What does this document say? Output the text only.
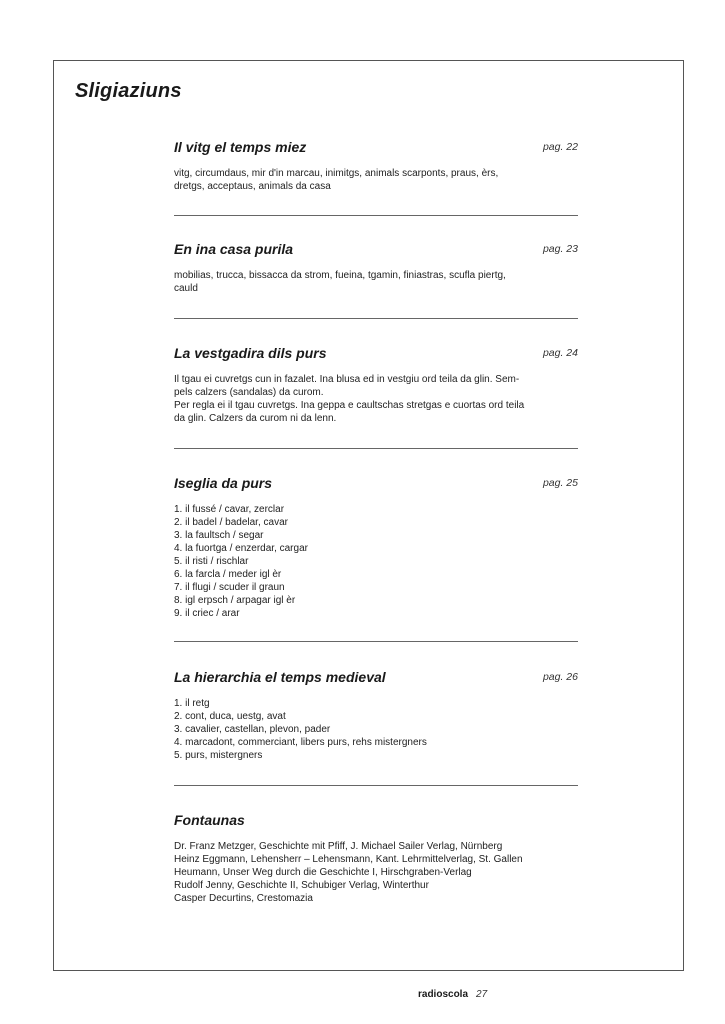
Sligiaziuns
Il vitg el temps miez	pag. 22

vitg, circumdaus, mir d'in marcau, inimitgs, animals scarponts, praus, èrs,

dretgs, acceptaus, animals da casa

En ina casa purila	pag. 23

mobilias, trucca, bissacca da strom, fueina, tgamin, finiastras, scufla piertg,

cauld

La vestgadira dils purs	pag. 24

Il tgau ei cuvretgs cun in fazalet. Ina blusa ed in vestgiu ord teila da glin. Sem-

pels calzers (sandalas) da curom.

Per regla ei il tgau cuvretgs. Ina geppa e caultschas stretgas e cuortas ord teila

da glin. Calzers da curom ni da lenn.

Iseglia da purs	pag. 25
1. il fussé / cavar, zerclar
2. il badel / badelar, cavar
3. la faultsch / segar
4. la fuortga / enzerdar, cargar
5. il risti / rischlar
6. la farcla / meder igl èr
7. il flugi / scuder il graun
8. igl erpsch / arpagar igl èr
9. il criec / arar
La hierarchia el temps medieval	pag. 26
1. il retg
2. cont, duca, uestg, avat
3. cavalier, castellan, plevon, pader
4. marcadont, commerciant, libers purs, rehs mistergners
5. purs, mistergners
Fontaunas

Dr. Franz Metzger, Geschichte mit Pfiff, J. Michael Sailer Verlag, Nürnberg

Heinz Eggmann, Lehensherr – Lehensmann, Kant. Lehrmittelverlag, St. Gallen

Heumann, Unser Weg durch die Geschichte I, Hirschgraben-Verlag

Rudolf Jenny, Geschichte II, Schubiger Verlag, Winterthur

Casper Decurtins, Crestomazia

radioscola 27
